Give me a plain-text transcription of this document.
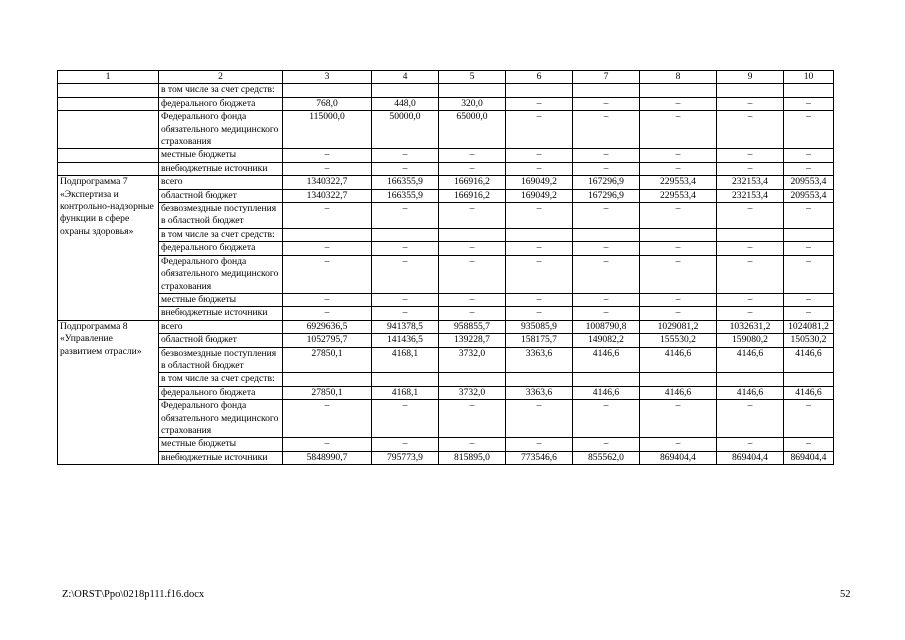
1	2	3	4	5	6	7	8	9	10
	в том числе за счет средств:								
	федерального бюджета	768,0	448,0	320,0	–	–	–	–	–
	Федерального фонда обязательного медицинского страхования	115000,0	50000,0	65000,0	–	–	–	–	–
	местные бюджеты	–	–	–	–	–	–	–	–
	внебюджетные источники	–	–	–	–	–	–	–	–
Подпрограмма 7 «Экспертиза и контрольно-надзорные функции в сфере охраны здоровья»	всего	1340322,7	166355,9	166916,2	169049,2	167296,9	229553,4	232153,4	209553,4
	областной бюджет	1340322,7	166355,9	166916,2	169049,2	167296,9	229553,4	232153,4	209553,4
	безвозмездные поступления в областной бюджет	–	–	–	–	–	–	–	–
	в том числе за счет средств:								
	федерального бюджета	–	–	–	–	–	–	–	–
	Федерального фонда обязательного медицинского страхования	–	–	–	–	–	–	–	–
	местные бюджеты	–	–	–	–	–	–	–	–
	внебюджетные источники	–	–	–	–	–	–	–	–
Подпрограмма 8 «Управление развитием отрасли»	всего	6929636,5	941378,5	958855,7	935085,9	1008790,8	1029081,2	1032631,2	1024081,2
	областной бюджет	1052795,7	141436,5	139228,7	158175,7	149082,2	155530,2	159080,2	150530,2
	безвозмездные поступления в областной бюджет	27850,1	4168,1	3732,0	3363,6	4146,6	4146,6	4146,6	4146,6
	в том числе за счет средств:								
	федерального бюджета	27850,1	4168,1	3732,0	3363,6	4146,6	4146,6	4146,6	4146,6
	Федерального фонда обязательного медицинского страхования	–	–	–	–	–	–	–	–
	местные бюджеты	–	–	–	–	–	–	–	–
	внебюджетные источники	5848990,7	795773,9	815895,0	773546,6	855562,0	869404,4	869404,4	869404,4
Z:\ORST\Ppo\0218p111.f16.docx	52
